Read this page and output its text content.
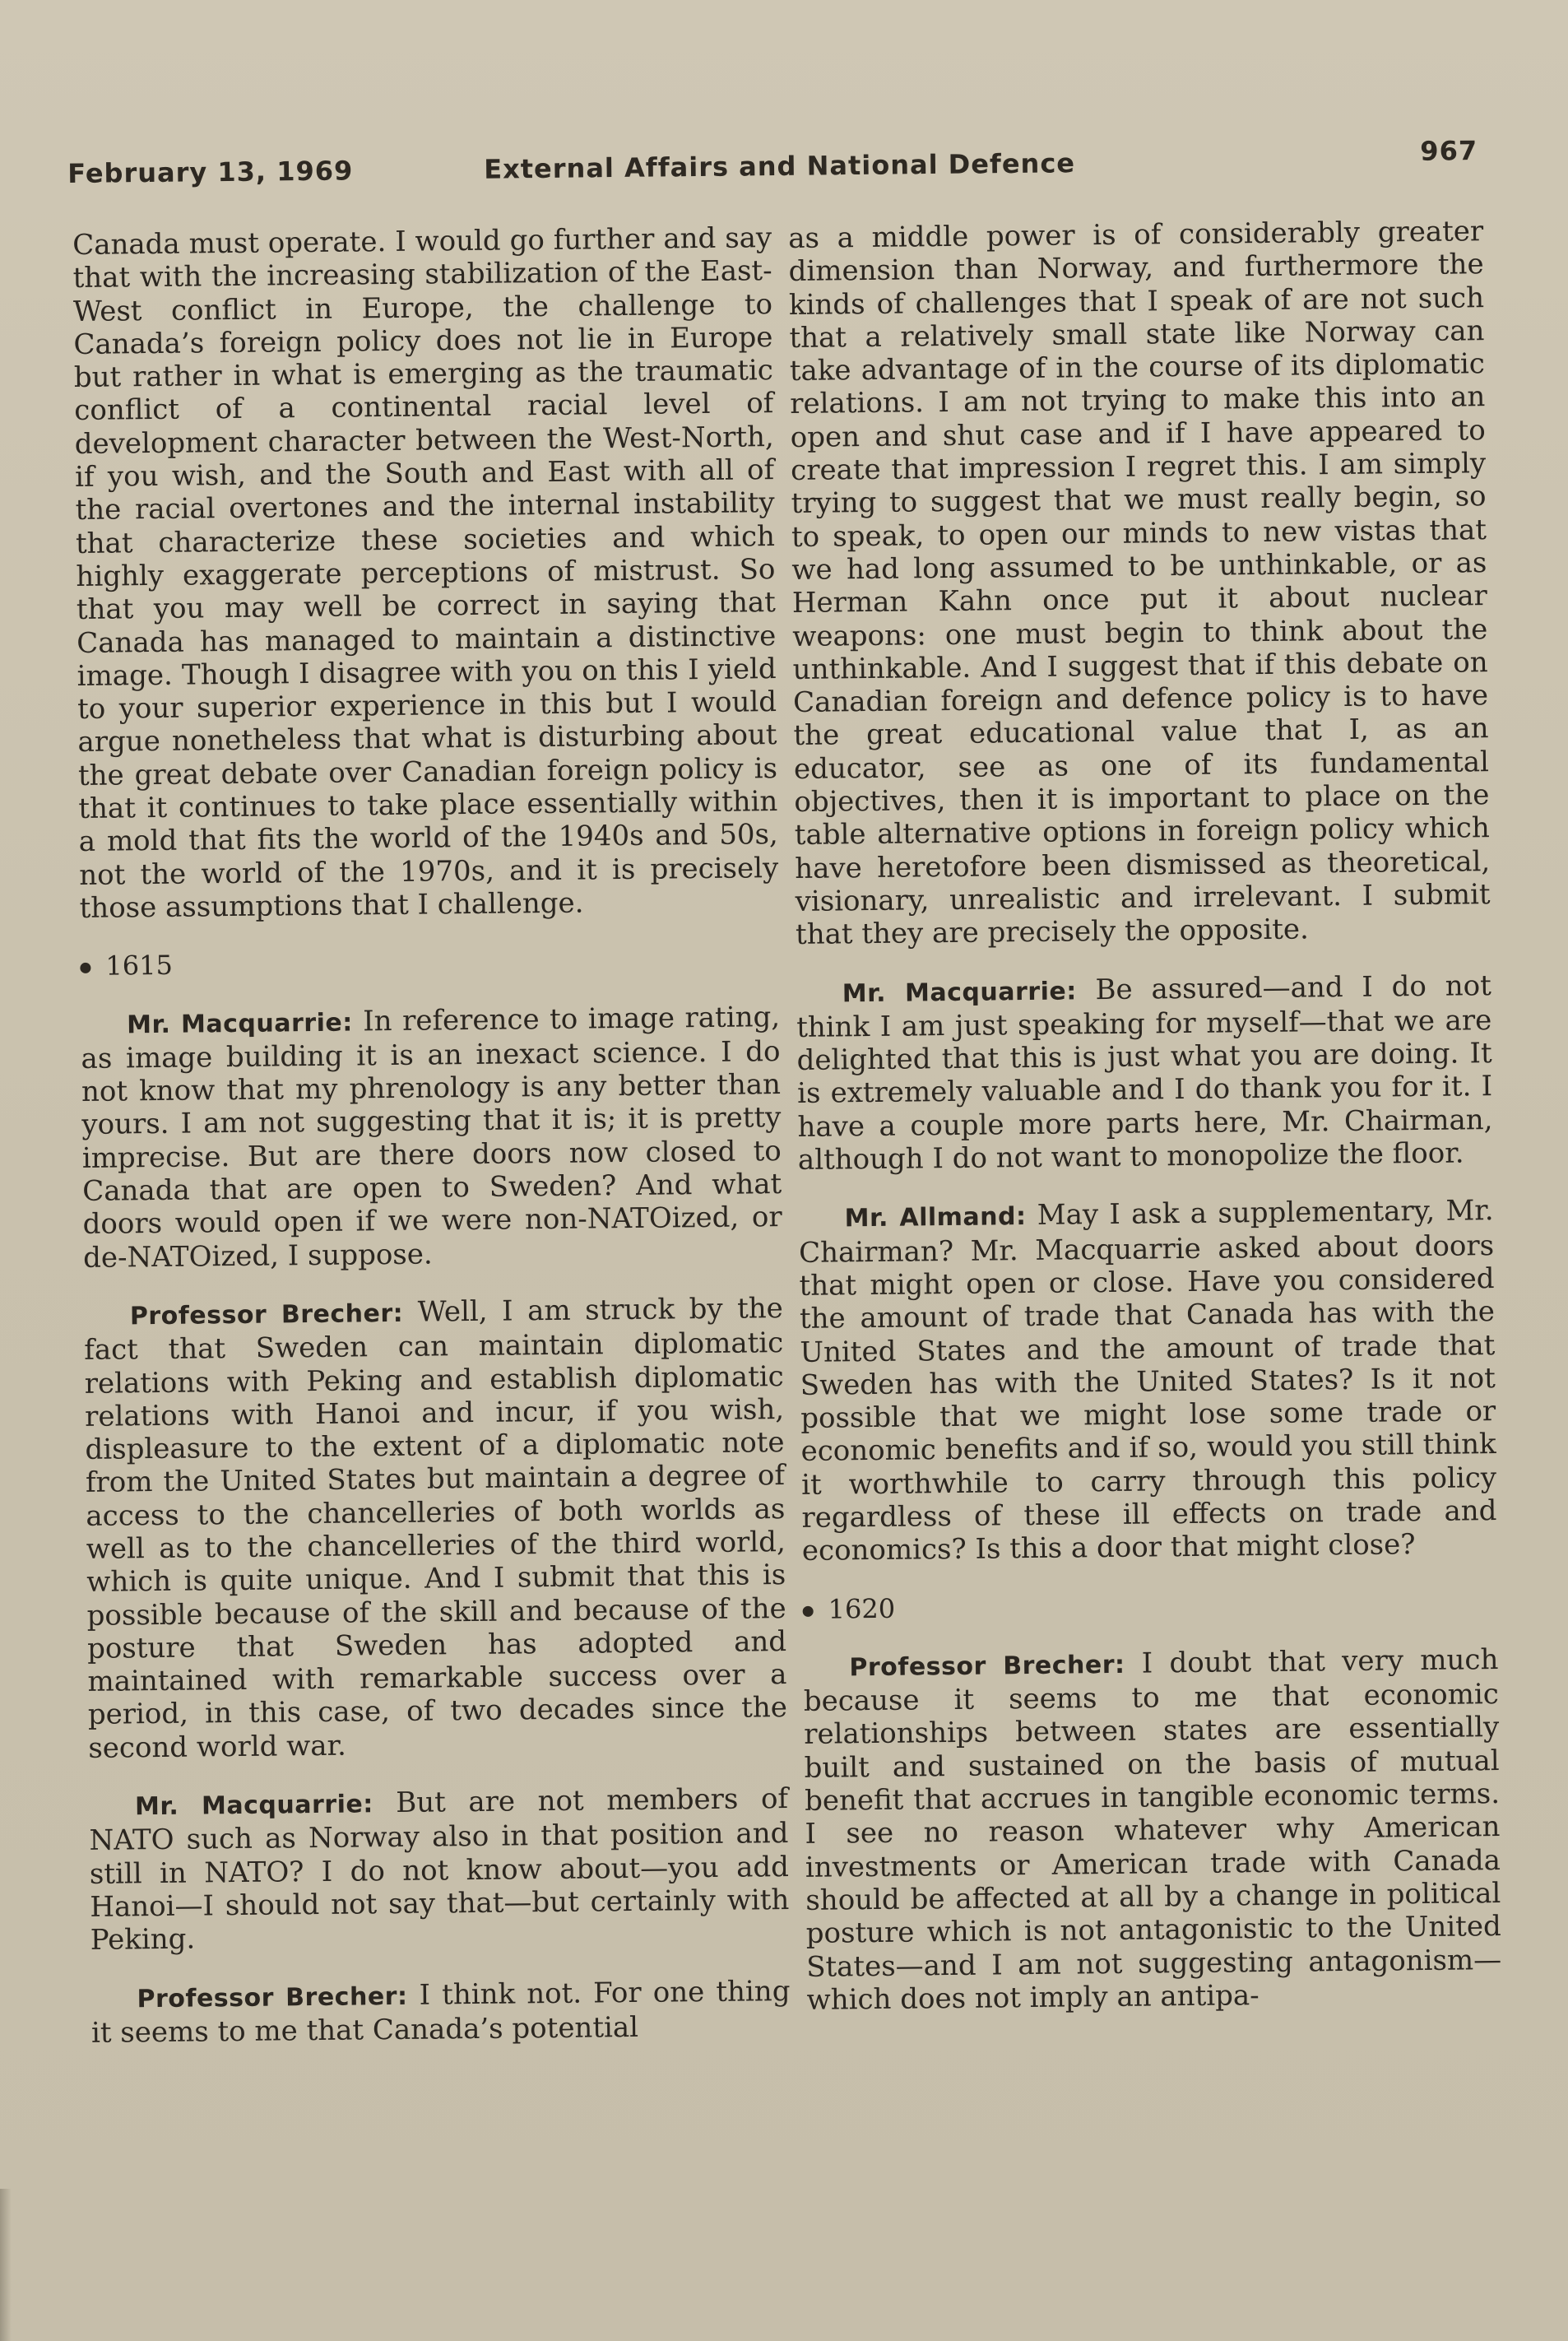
February 13, 1969	External Affairs and National Defence	967

Canada must operate. I would go further and say that with the increasing stabilization of the East-West conflict in Europe, the challenge to Canada’s foreign policy does not lie in Europe but rather in what is emerging as the traumatic conflict of a continental racial level of development character between the West-North, if you wish, and the South and East with all of the racial overtones and the internal instability that characterize these societies and which highly exaggerate perceptions of mistrust. So that you may well be correct in saying that Canada has managed to maintain a distinctive image. Though I disagree with you on this I yield to your superior experience in this but I would argue nonetheless that what is disturbing about the great debate over Canadian foreign policy is that it continues to take place essentially within a mold that fits the world of the 1940s and 50s, not the world of the 1970s, and it is precisely those assumptions that I challenge.

1615

Mr. Macquarrie: In reference to image rating, as image building it is an inexact science. I do not know that my phrenology is any better than yours. I am not suggesting that it is; it is pretty imprecise. But are there doors now closed to Canada that are open to Sweden? And what doors would open if we were non-NATOized, or de-NATOized, I suppose.

Professor Brecher: Well, I am struck by the fact that Sweden can maintain diplomatic relations with Peking and establish diplomatic relations with Hanoi and incur, if you wish, displeasure to the extent of a diplomatic note from the United States but maintain a degree of access to the chancelleries of both worlds as well as to the chancelleries of the third world, which is quite unique. And I submit that this is possible because of the skill and because of the posture that Sweden has adopted and maintained with remarkable success over a period, in this case, of two decades since the second world war.

Mr. Macquarrie: But are not members of NATO such as Norway also in that position and still in NATO? I do not know about—you add Hanoi—I should not say that—but certainly with Peking.

Professor Brecher: I think not. For one thing it seems to me that Canada’s potential

as a middle power is of considerably greater dimension than Norway, and furthermore the kinds of challenges that I speak of are not such that a relatively small state like Norway can take advantage of in the course of its diplomatic relations. I am not trying to make this into an open and shut case and if I have appeared to create that impression I regret this. I am simply trying to suggest that we must really begin, so to speak, to open our minds to new vistas that we had long assumed to be unthinkable, or as Herman Kahn once put it about nuclear weapons: one must begin to think about the unthinkable. And I suggest that if this debate on Canadian foreign and defence policy is to have the great educational value that I, as an educator, see as one of its fundamental objectives, then it is important to place on the table alternative options in foreign policy which have heretofore been dismissed as theoretical, visionary, unrealistic and irrelevant. I submit that they are precisely the opposite.

Mr. Macquarrie: Be assured—and I do not think I am just speaking for myself—that we are delighted that this is just what you are doing. It is extremely valuable and I do thank you for it. I have a couple more parts here, Mr. Chairman, although I do not want to monopolize the floor.

Mr. Allmand: May I ask a supplementary, Mr. Chairman? Mr. Macquarrie asked about doors that might open or close. Have you considered the amount of trade that Canada has with the United States and the amount of trade that Sweden has with the United States? Is it not possible that we might lose some trade or economic benefits and if so, would you still think it worthwhile to carry through this policy regardless of these ill effects on trade and economics? Is this a door that might close?

1620

Professor Brecher: I doubt that very much because it seems to me that economic relationships between states are essentially built and sustained on the basis of mutual benefit that accrues in tangible economic terms. I see no reason whatever why American investments or American trade with Canada should be affected at all by a change in political posture which is not antagonistic to the United States—and I am not suggesting antagonism—which does not imply an antipa-
